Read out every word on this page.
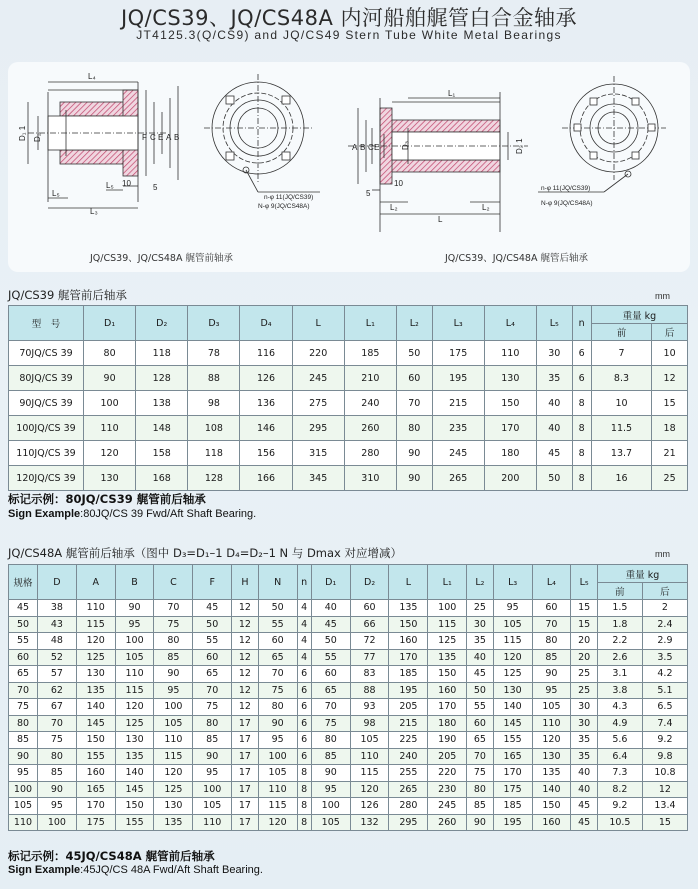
JQ/CS39、JQ/CS48A 内河船舶艉管白合金轴承
JT4125.3(Q/CS9) and JQ/CS49 Stern Tube White Metal Bearings
L₄
D₁ 1 D₂	F C E A B
10	5
L₅
L₅
L₃
n-φ 11(JQ/CS39)
N-φ 9(JQ/CS48A)
L₁
A B C E	D₃	D₂ 1
5
10
L₂
L
L₂
n-φ 11(JQ/CS39)
N-φ 9(JQ/CS48A)
JQ/CS39、JQ/CS48A 艉管前轴承	JQ/CS39、JQ/CS48A 艉管后轴承
JQ/CS39 艉管前后轴承	mm
型　号	D₁	D₂	D₃	D₄	L	L₁	L₂	L₃	L₄	L₅	n	重量 kg	
												前	后
70JQ/CS 39	80	118	78	116	220	185	50	175	110	30	6	7	10
80JQ/CS 39	90	128	88	126	245	210	60	195	130	35	6	8.3	12
90JQ/CS 39	100	138	98	136	275	240	70	215	150	40	8	10	15
100JQ/CS 39	110	148	108	146	295	260	80	235	170	40	8	11.5	18
110JQ/CS 39	120	158	118	156	315	280	90	245	180	45	8	13.7	21
120JQ/CS 39	130	168	128	166	345	310	90	265	200	50	8	16	25
标记示例：80JQ/CS39 艉管前后轴承
Sign Example:80JQ/CS 39 Fwd/Aft Shaft Bearing.
JQ/CS48A 艉管前后轴承（图中 D₃=D₁–1 D₄=D₂–1 N 与 Dmax 对应增减）	mm
规格	D	A	B	C	F	H	N	n	D₁	D₂	L	L₁	L₂	L₃	L₄	L₅	重量 kg	
																	前	后
45	38	110	90	70	45	12	50	4	40	60	135	100	25	95	60	15	1.5	2
50	43	115	95	75	50	12	55	4	45	66	150	115	30	105	70	15	1.8	2.4
55	48	120	100	80	55	12	60	4	50	72	160	125	35	115	80	20	2.2	2.9
60	52	125	105	85	60	12	65	4	55	77	170	135	40	120	85	20	2.6	3.5
65	57	130	110	90	65	12	70	6	60	83	185	150	45	125	90	25	3.1	4.2
70	62	135	115	95	70	12	75	6	65	88	195	160	50	130	95	25	3.8	5.1
75	67	140	120	100	75	12	80	6	70	93	205	170	55	140	105	30	4.3	6.5
80	70	145	125	105	80	17	90	6	75	98	215	180	60	145	110	30	4.9	7.4
85	75	150	130	110	85	17	95	6	80	105	225	190	65	155	120	35	5.6	9.2
90	80	155	135	115	90	17	100	6	85	110	240	205	70	165	130	35	6.4	9.8
95	85	160	140	120	95	17	105	8	90	115	255	220	75	170	135	40	7.3	10.8
100	90	165	145	125	100	17	110	8	95	120	265	230	80	175	140	40	8.2	12
105	95	170	150	130	105	17	115	8	100	126	280	245	85	185	150	45	9.2	13.4
110	100	175	155	135	110	17	120	8	105	132	295	260	90	195	160	45	10.5	15
标记示例：45JQ/CS48A 艉管前后轴承
Sign Example:45JQ/CS 48A Fwd/Aft Shaft Bearing.
